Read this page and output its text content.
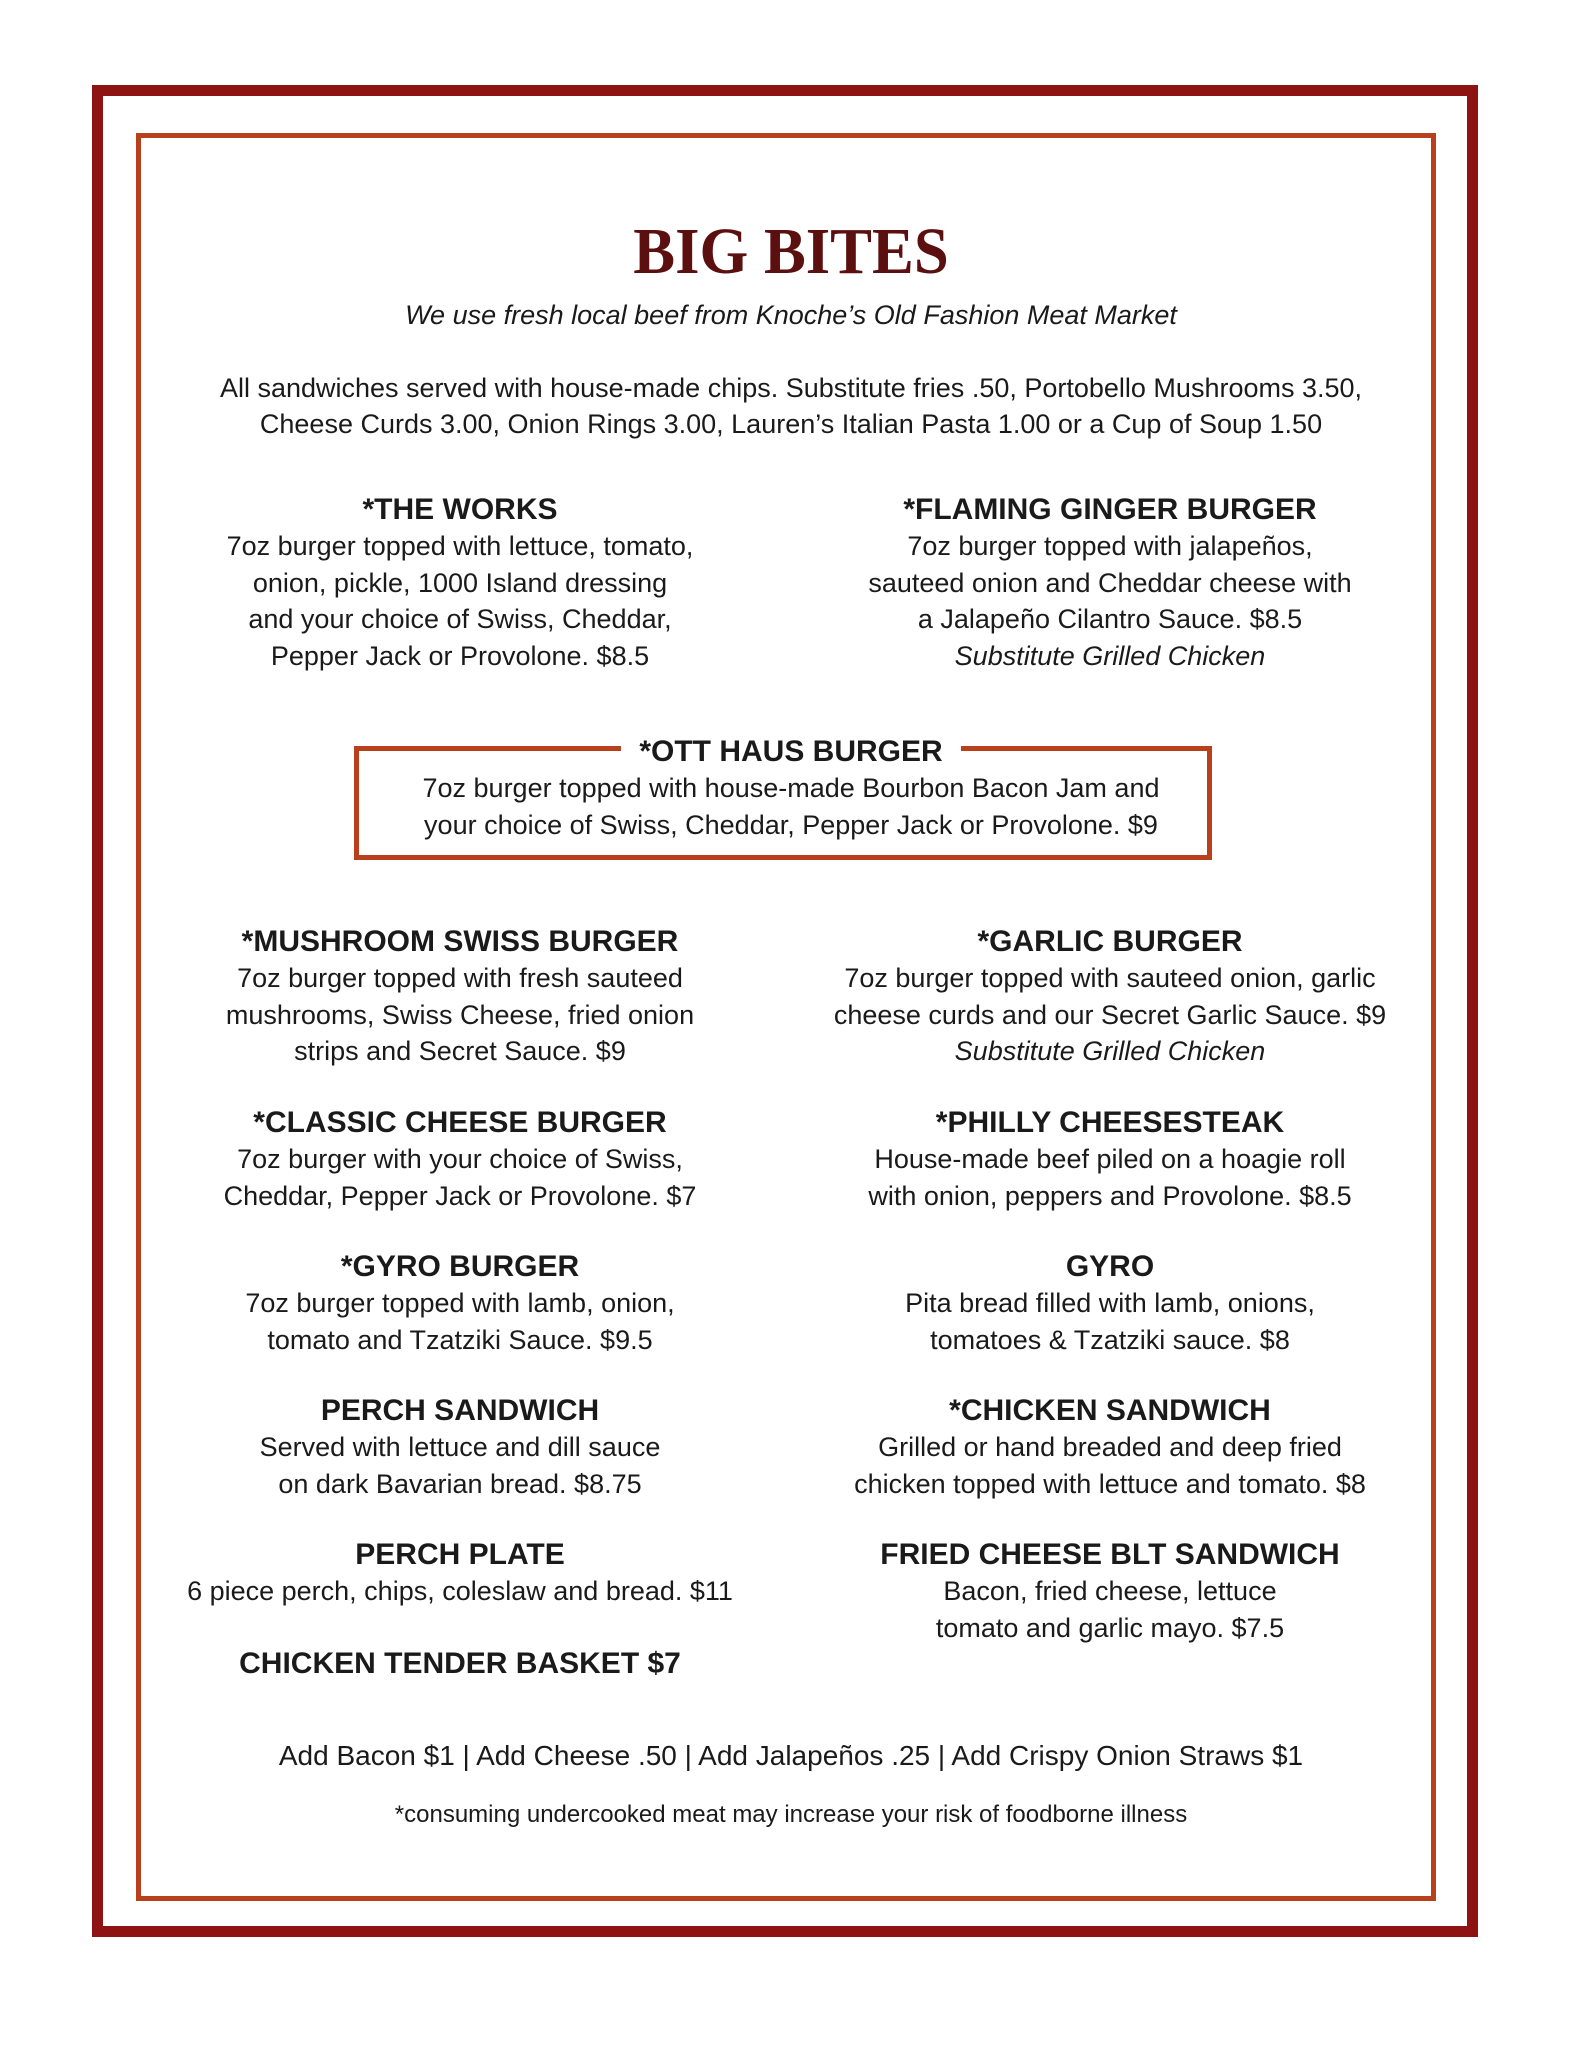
BIG BITES
We use fresh local beef from Knoche’s Old Fashion Meat Market
All sandwiches served with house-made chips. Substitute fries .50, Portobello Mushrooms 3.50,
Cheese Curds 3.00, Onion Rings 3.00, Lauren’s Italian Pasta 1.00 or a Cup of Soup 1.50
*THE WORKS
7oz burger topped with lettuce, tomato,
onion, pickle, 1000 Island dressing
and your choice of Swiss, Cheddar,
Pepper Jack or Provolone. $8.5
*FLAMING GINGER BURGER
7oz burger topped with jalapeños,
sauteed onion and Cheddar cheese with
a Jalapeño Cilantro Sauce. $8.5
Substitute Grilled Chicken
*OTT HAUS BURGER
7oz burger topped with house-made Bourbon Bacon Jam and
your choice of Swiss, Cheddar, Pepper Jack or Provolone. $9
*MUSHROOM SWISS BURGER
7oz burger topped with fresh sauteed
mushrooms, Swiss Cheese, fried onion
strips and Secret Sauce. $9
*GARLIC BURGER
7oz burger topped with sauteed onion, garlic
cheese curds and our Secret Garlic Sauce. $9
Substitute Grilled Chicken
*CLASSIC CHEESE BURGER
7oz burger with your choice of Swiss,
Cheddar, Pepper Jack or Provolone. $7
*PHILLY CHEESESTEAK
House-made beef piled on a hoagie roll
with onion, peppers and Provolone. $8.5
*GYRO BURGER
7oz burger topped with lamb, onion,
tomato and Tzatziki Sauce. $9.5
GYRO
Pita bread filled with lamb, onions,
tomatoes & Tzatziki sauce. $8
PERCH SANDWICH
Served with lettuce and dill sauce
on dark Bavarian bread. $8.75
*CHICKEN SANDWICH
Grilled or hand breaded and deep fried
chicken topped with lettuce and tomato. $8
PERCH PLATE
6 piece perch, chips, coleslaw and bread. $11
FRIED CHEESE BLT SANDWICH
Bacon, fried cheese, lettuce
tomato and garlic mayo. $7.5
CHICKEN TENDER BASKET $7
Add Bacon $1 | Add Cheese .50 | Add Jalapeños .25 | Add Crispy Onion Straws $1
*consuming undercooked meat may increase your risk of foodborne illness
